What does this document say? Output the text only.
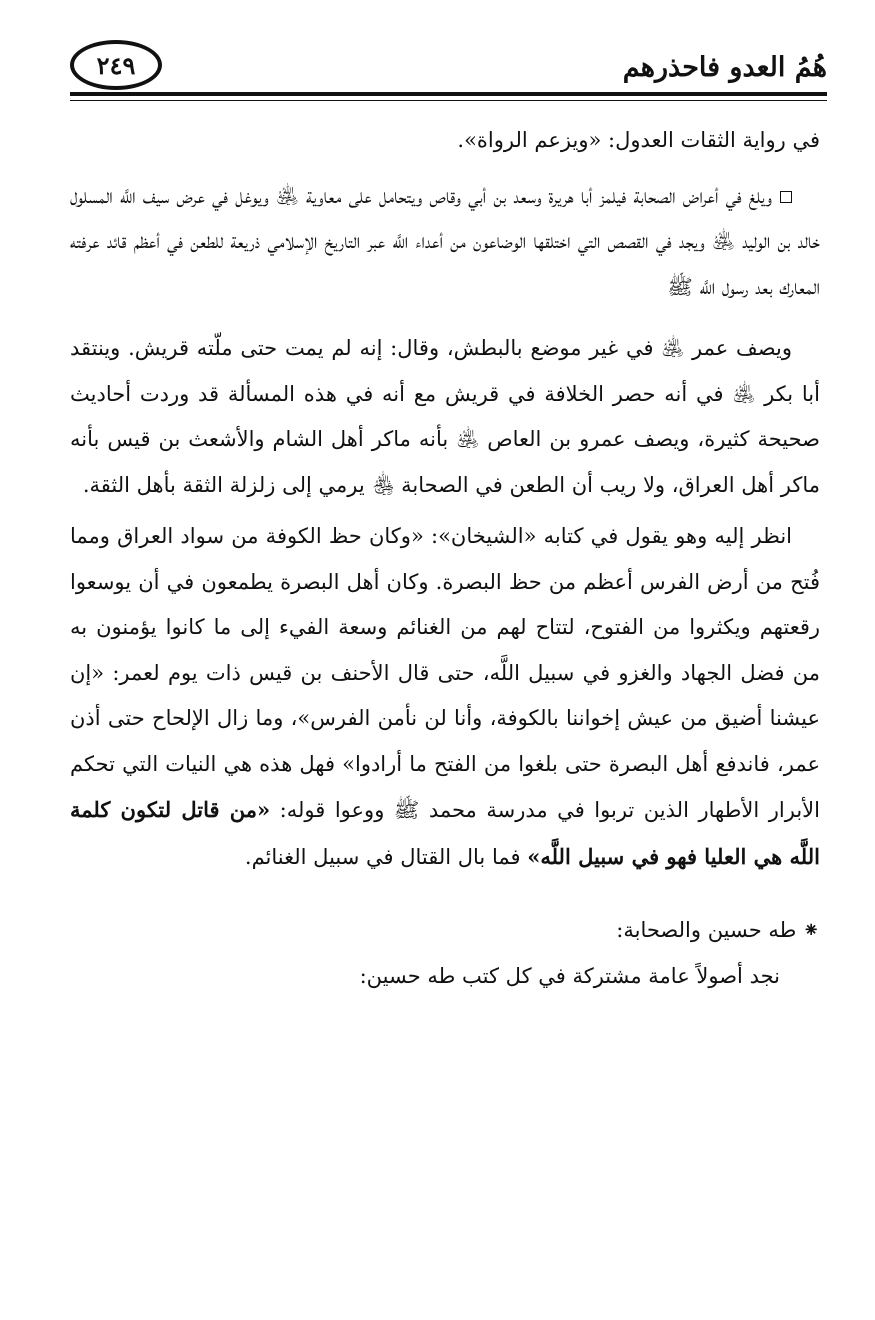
هُمُ العدو فاحذرهم
٢٤٩

في رواية الثقات العدول: «ويزعم الرواة».

ويلغ في أعراض الصحابة فيلمز أبا هريرة وسعد بن أبي وقاص ويتحامل على معاوية ﵁ ويوغل في عرض سيف اللَّه المسلول خالد بن الوليد ﵁ ويجد في القصص التي اختلقها الوضاعون من أعداء اللَّه عبر التاريخ الإسلامي ذريعة للطعن في أعظم قائد عرفته المعارك بعد رسول اللَّه ﷺ

ويصف عمر ﵁ في غير موضع بالبطش، وقال: إنه لم يمت حتى ملّته قريش. وينتقد أبا بكر ﵁ في أنه حصر الخلافة في قريش مع أنه في هذه المسألة قد وردت أحاديث صحيحة كثيرة، ويصف عمرو بن العاص ﵁ بأنه ماكر أهل الشام والأشعث بن قيس بأنه ماكر أهل العراق، ولا ريب أن الطعن في الصحابة ﵃ يرمي إلى زلزلة الثقة بأهل الثقة.

انظر إليه وهو يقول في كتابه «الشيخان»: «وكان حظ الكوفة من سواد العراق ومما فُتح من أرض الفرس أعظم من حظ البصرة. وكان أهل البصرة يطمعون في أن يوسعوا رقعتهم ويكثروا من الفتوح، لتتاح لهم من الغنائم وسعة الفيء إلى ما كانوا يؤمنون به من فضل الجهاد والغزو في سبيل اللَّه، حتى قال الأحنف بن قيس ذات يوم لعمر: «إن عيشنا أضيق من عيش إخواننا بالكوفة، وأنا لن نأمن الفرس»، وما زال الإلحاح حتى أذن عمر، فاندفع أهل البصرة حتى بلغوا من الفتح ما أرادوا» فهل هذه هي النيات التي تحكم الأبرار الأطهار الذين تربوا في مدرسة محمد ﷺ ووعوا قوله: «من قاتل لتكون كلمة اللَّه هي العليا فهو في سبيل اللَّه» فما بال القتال في سبيل الغنائم.

⁕طه حسين والصحابة:

نجد أصولاً عامة مشتركة في كل كتب طه حسين:
